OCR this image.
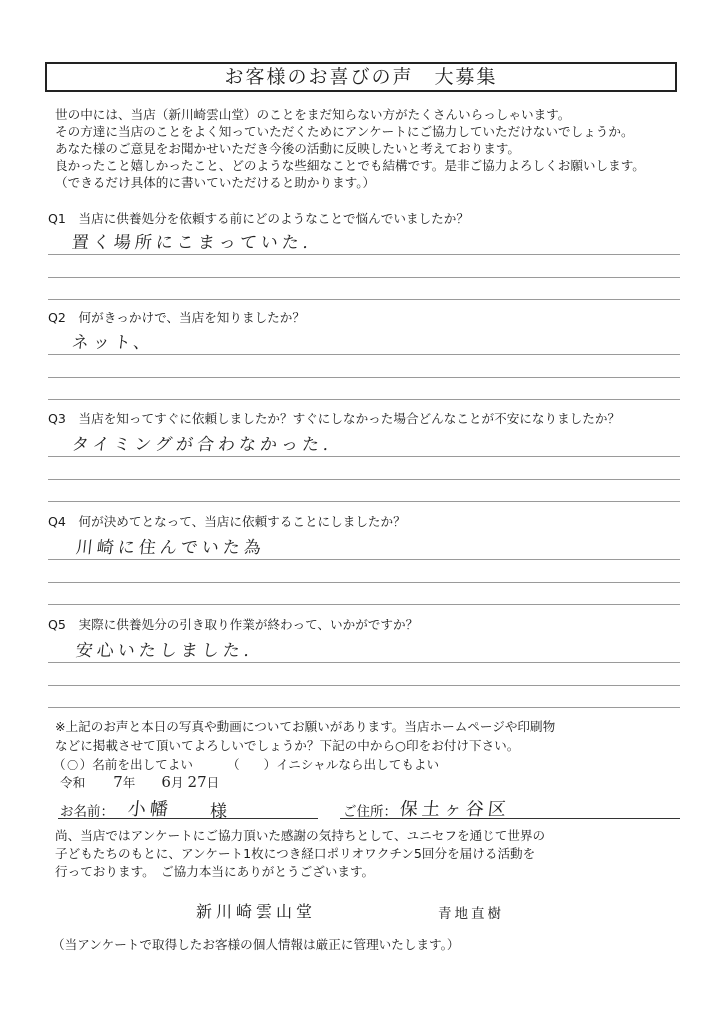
お客様のお喜びの声　大募集
世の中には、当店（新川崎雲山堂）のことをまだ知らない方がたくさんいらっしゃいます。
その方達に当店のことをよく知っていただくためにアンケートにご協力していただけないでしょうか。
あなた様のご意見をお聞かせいただき今後の活動に反映したいと考えております。
良かったこと嬉しかったこと、どのような些細なことでも結構です。是非ご協力よろしくお願いします。
（できるだけ具体的に書いていただけると助かります。）
Q1　当店に供養処分を依頼する前にどのようなことで悩んでいましたか？
置く場所にこまっていた.
Q2　何がきっかけで、当店を知りましたか？
ネット、
Q3　当店を知ってすぐに依頼しましたか？すぐにしなかった場合どんなことが不安になりましたか？
タイミングが合わなかった.
Q4　何が決めてとなって、当店に依頼することにしましたか？
川崎に住んでいた為
Q5　実際に供養処分の引き取り作業が終わって、いかがですか？
安心いたしました.
※上記のお声と本日の写真や動画についてお願いがあります。当店ホームページや印刷物
などに掲載させて頂いてよろしいでしょうか？下記の中から○印をお付け下さい。
（ 〇 ）名前を出してよい	（ ）イニシャルなら出してもよい
令和 7年 6月 27日
お名前： 小幡 様	ご住所： 保土ヶ谷区
尚、当店ではアンケートにご協力頂いた感謝の気持ちとして、ユニセフを通じて世界の
子どもたちのもとに、アンケート1枚につき経口ポリオワクチン5回分を届ける活動を
行っております。　ご協力本当にありがとうございます。
新川崎雲山堂	青地直樹
（当アンケートで取得したお客様の個人情報は厳正に管理いたします。）
